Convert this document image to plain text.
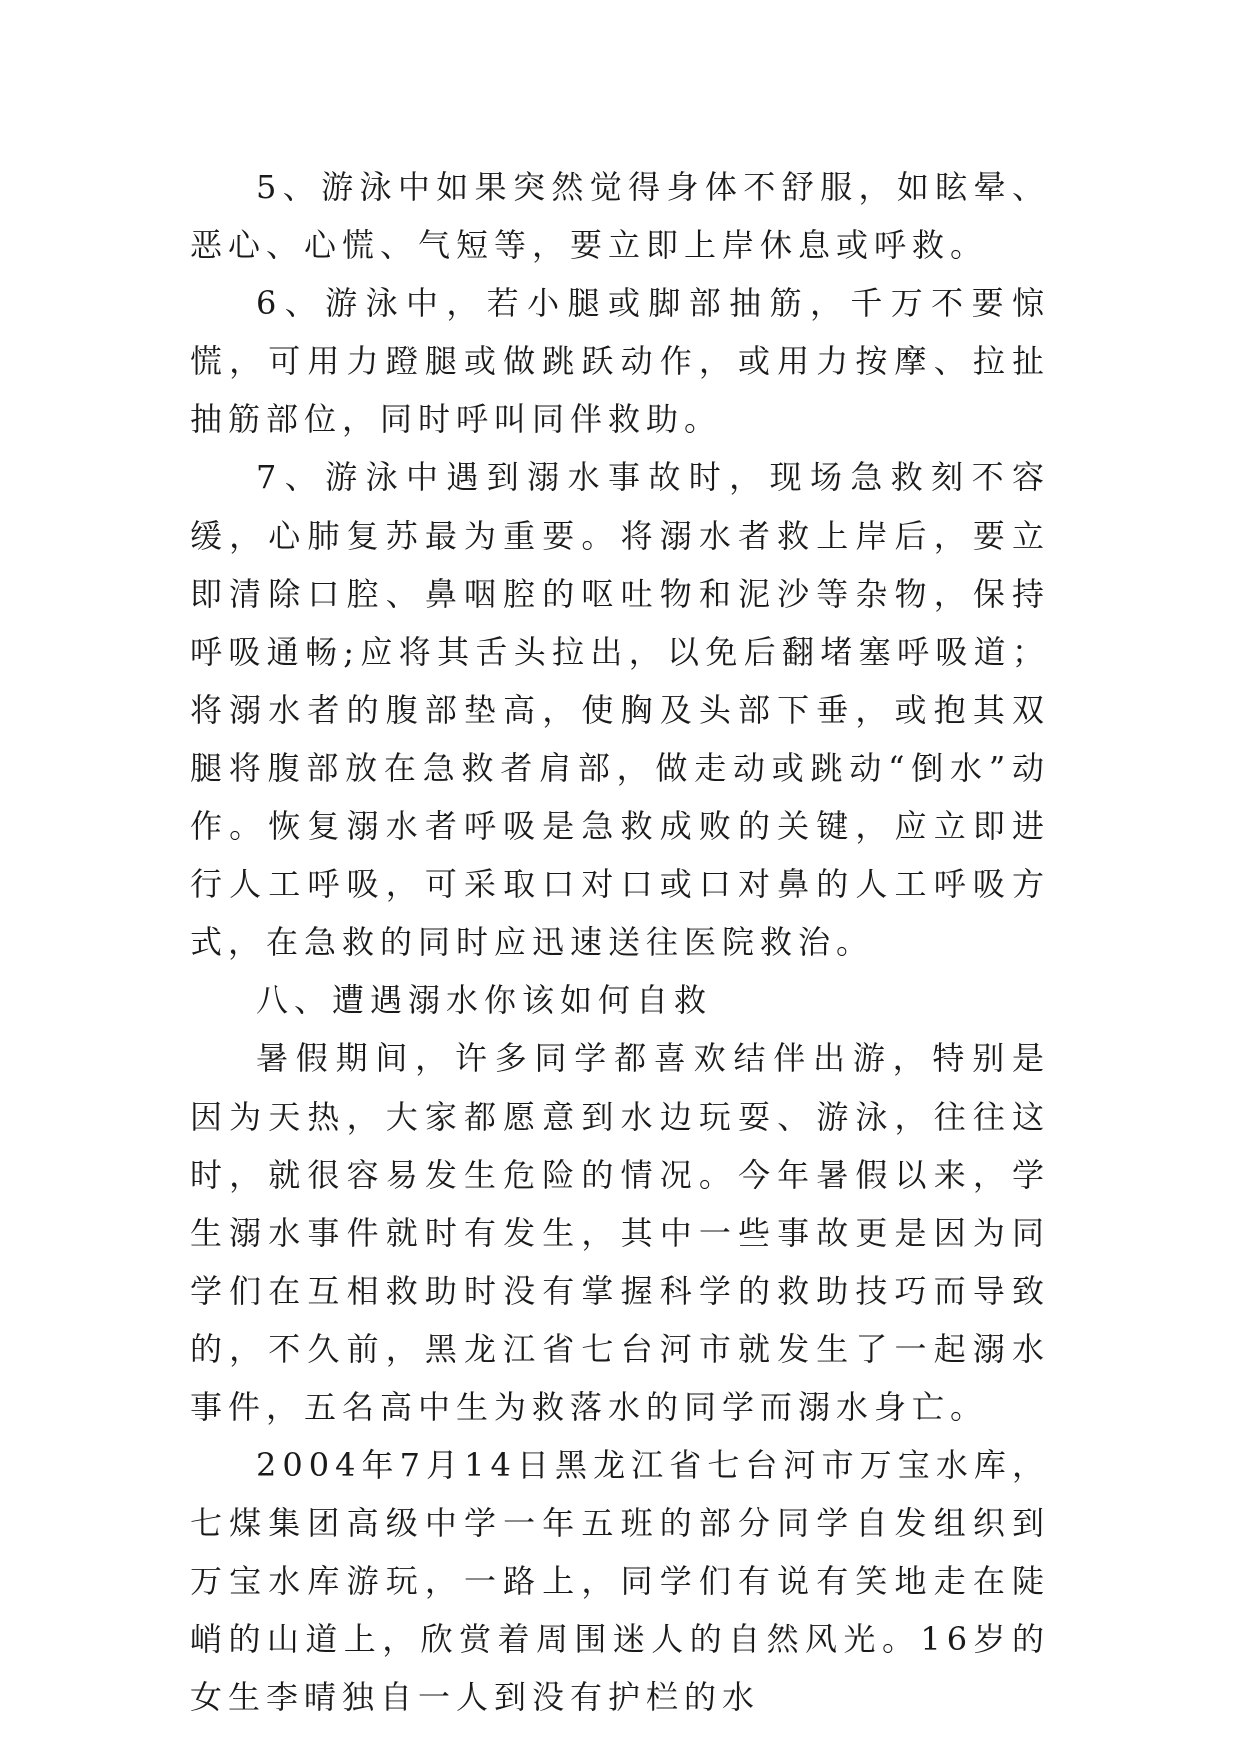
5、游泳中如果突然觉得身体不舒服，如眩晕、恶心、心慌、气短等，要立即上岸休息或呼救。

6、游泳中，若小腿或脚部抽筋，千万不要惊慌，可用力蹬腿或做跳跃动作，或用力按摩、拉扯抽筋部位，同时呼叫同伴救助。

7、游泳中遇到溺水事故时，现场急救刻不容缓，心肺复苏最为重要。将溺水者救上岸后，要立即清除口腔、鼻咽腔的呕吐物和泥沙等杂物，保持呼吸通畅;应将其舌头拉出，以免后翻堵塞呼吸道；将溺水者的腹部垫高，使胸及头部下垂，或抱其双腿将腹部放在急救者肩部，做走动或跳动“倒水”动作。恢复溺水者呼吸是急救成败的关键，应立即进行人工呼吸，可采取口对口或口对鼻的人工呼吸方式，在急救的同时应迅速送往医院救治。

八、遭遇溺水你该如何自救

暑假期间，许多同学都喜欢结伴出游，特别是因为天热，大家都愿意到水边玩耍、游泳，往往这时，就很容易发生危险的情况。今年暑假以来，学生溺水事件就时有发生，其中一些事故更是因为同学们在互相救助时没有掌握科学的救助技巧而导致的，不久前，黑龙江省七台河市就发生了一起溺水事件，五名高中生为救落水的同学而溺水身亡。

2004年7月14日黑龙江省七台河市万宝水库，七煤集团高级中学一年五班的部分同学自发组织到万宝水库游玩，一路上，同学们有说有笑地走在陡峭的山道上，欣赏着周围迷人的自然风光。16岁的女生李晴独自一人到没有护栏的水
